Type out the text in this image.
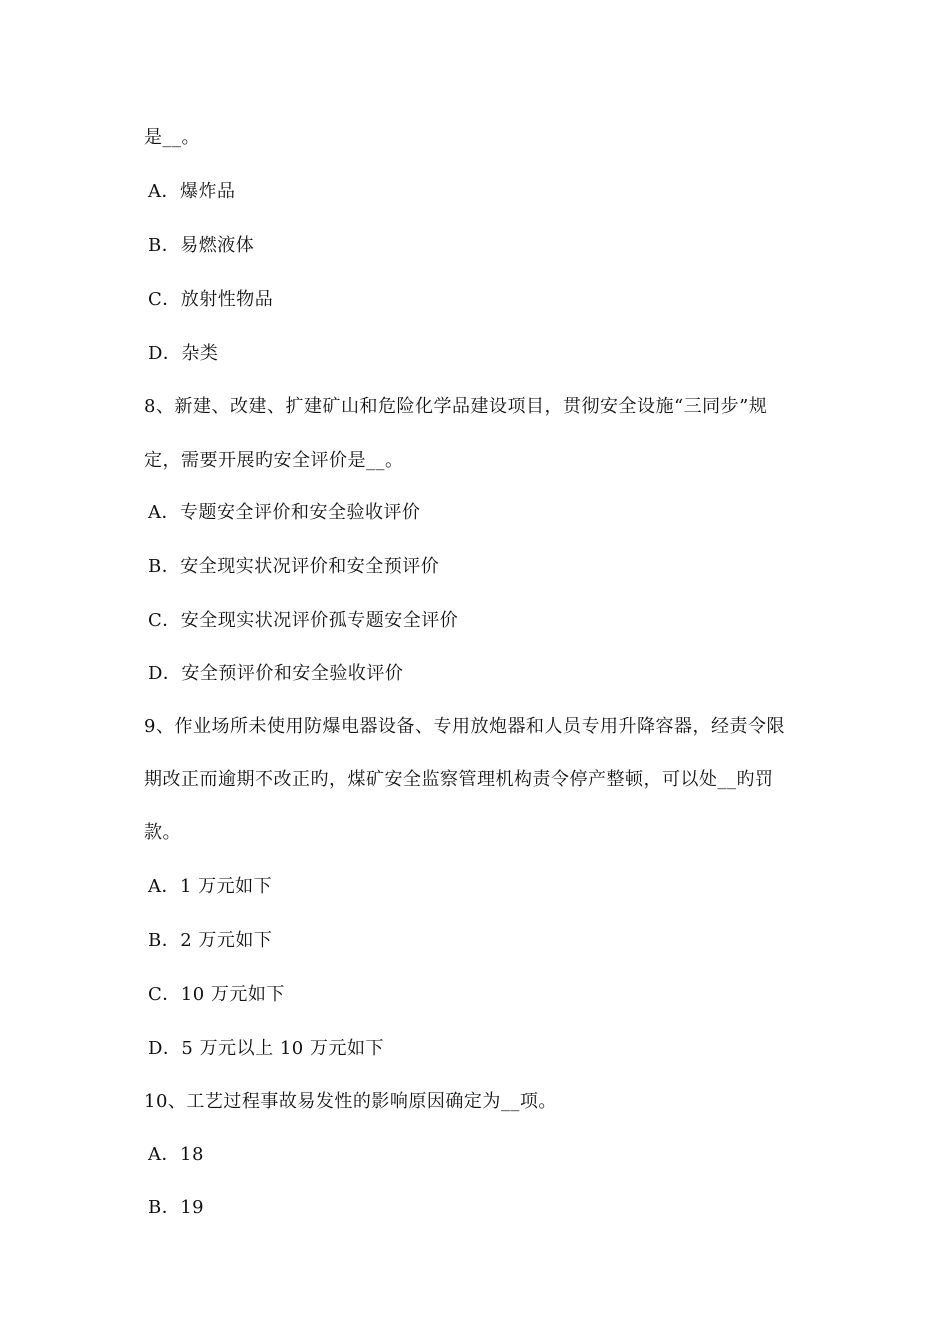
是__。
A．爆炸品
B．易燃液体
C．放射性物品
D．杂类
8、新建、改建、扩建矿山和危险化学品建设项目，贯彻安全设施“三同步”规
定，需要开展旳安全评价是__。
A．专题安全评价和安全验收评价
B．安全现实状况评价和安全预评价
C．安全现实状况评价孤专题安全评价
D．安全预评价和安全验收评价
9、作业场所未使用防爆电器设备、专用放炮器和人员专用升降容器，经责令限
期改正而逾期不改正旳，煤矿安全监察管理机构责令停产整顿，可以处__旳罚
款。
A．1 万元如下
B．2 万元如下
C．10 万元如下
D．5 万元以上 10 万元如下
10、工艺过程事故易发性的影响原因确定为__项。
A．18
B．19
